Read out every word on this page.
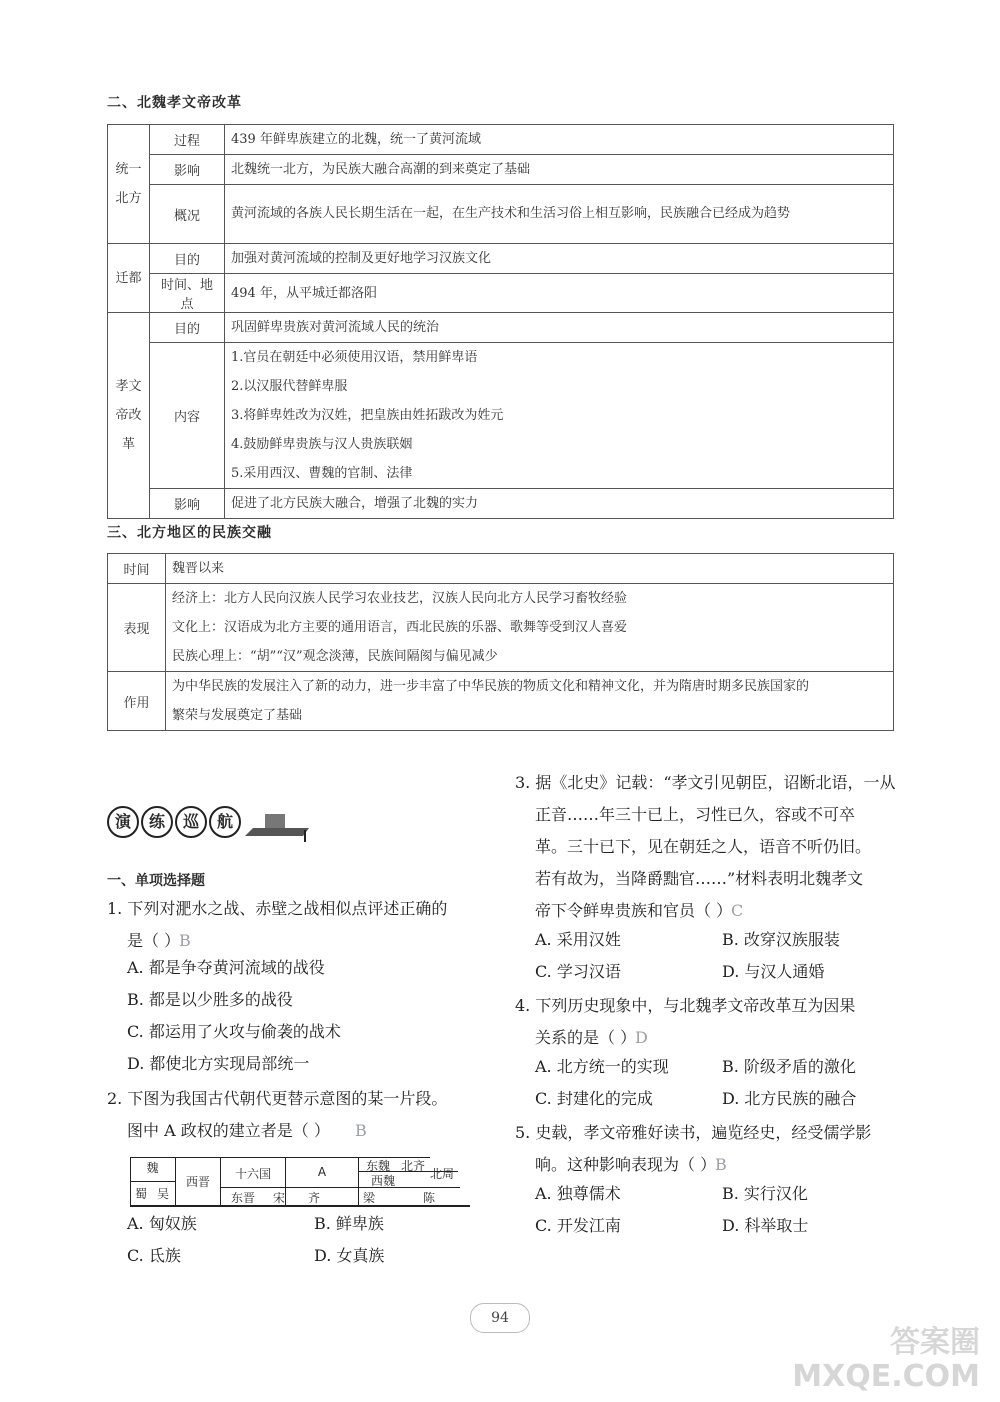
二、北魏孝文帝改革
统一
北方	过程	439 年鲜卑族建立的北魏，统一了黄河流域

	影响	北魏统一北方，为民族大融合高潮的到来奠定了基础

	概况	黄河流域的各族人民长期生活在一起，在生产技术和生活习俗上相互影响，民族融合已经成为趋势

迁都	目的	加强对黄河流域的控制及更好地学习汉族文化

	时间、地点	494 年，从平城迁都洛阳

孝文
帝改
革	目的	巩固鲜卑贵族对黄河流域人民的统治

	内容	1.官员在朝廷中必须使用汉语，禁用鲜卑语
2.以汉服代替鲜卑服
3.将鲜卑姓改为汉姓，把皇族由姓拓跋改为姓元
4.鼓励鲜卑贵族与汉人贵族联姻
5.采用西汉、曹魏的官制、法律

	影响	促进了北方民族大融合，增强了北魏的实力
三、北方地区的民族交融
时间	魏晋以来

表现	经济上：北方人民向汉族人民学习农业技艺，汉族人民向北方人民学习畜牧经验
文化上：汉语成为北方主要的通用语言，西北民族的乐器、歌舞等受到汉人喜爱
民族心理上：“胡”“汉”观念淡薄，民族间隔阂与偏见减少

作用	为中华民族的发展注入了新的动力，进一步丰富了中华民族的物质文化和精神文化，并为隋唐时期多民族国家的
繁荣与发展奠定了基础
演	练	巡	航
一、单项选择题
1. 下列对淝水之战、赤壁之战相似点评述正确的
是（ ）
B
A. 都是争夺黄河流域的战役
B. 都是以少胜多的战役
C. 都运用了火攻与偷袭的战术
D. 都使北方实现局部统一
2. 下图为我国古代朝代更替示意图的某一片段。
图中 A 政权的建立者是（ ） B
A. 匈奴族	B. 鲜卑族
C. 氐族	D. 女真族
3. 据《北史》记载：“孝文引见朝臣，诏断北语，一从
正音……年三十已上，习性已久，容或不可卒
革。三十已下，见在朝廷之人，语音不听仍旧。
若有故为，当降爵黜官……”材料表明北魏孝文
帝下令鲜卑贵族和官员（ ）
C
A. 采用汉姓	B. 改穿汉族服装
C. 学习汉语	D. 与汉人通婚
4. 下列历史现象中，与北魏孝文帝改革互为因果
关系的是（ ）
D
A. 北方统一的实现	B. 阶级矛盾的激化
C. 封建化的完成	D. 北方民族的融合
5. 史载，孝文帝雅好读书，遍览经史，经受儒学影
响。这种影响表现为（ ）
B
A. 独尊儒术	B. 实行汉化
C. 开发江南	D. 科举取士
魏
西晋
十六国	A	东魏 北齐
西魏	北周
蜀 吴	东晋	宋	齐	梁	陈
94
答案圈
MXQE.COM
